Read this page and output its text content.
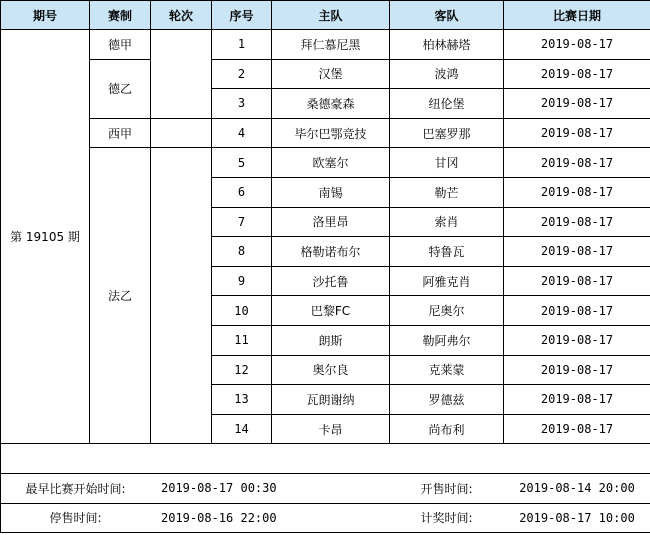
期号	赛制	轮次	序号	主队	客队	比赛日期
第 19105 期	德甲		1	拜仁慕尼黑	柏林赫塔	2019-08-17
	德乙		2	汉堡	波鸿	2019-08-17
			3	桑德豪森	纽伦堡	2019-08-17
	西甲		4	毕尔巴鄂竞技	巴塞罗那	2019-08-17
	法乙		5	欧塞尔	甘冈	2019-08-17
			6	南锡	勒芒	2019-08-17
			7	洛里昂	索肖	2019-08-17
			8	格勒诺布尔	特鲁瓦	2019-08-17
			9	沙托鲁	阿雅克肖	2019-08-17
			10	巴黎FC	尼奥尔	2019-08-17
			11	朗斯	勒阿弗尔	2019-08-17
			12	奥尔良	克莱蒙	2019-08-17
			13	瓦朗谢纳	罗德兹	2019-08-17
			14	卡昂	尚布利	2019-08-17

最早比赛开始时间:		2019-08-17 00:30			开售时间:	2019-08-14 20:00
停售时间:		2019-08-16 22:00			计奖时间:	2019-08-17 10:00
